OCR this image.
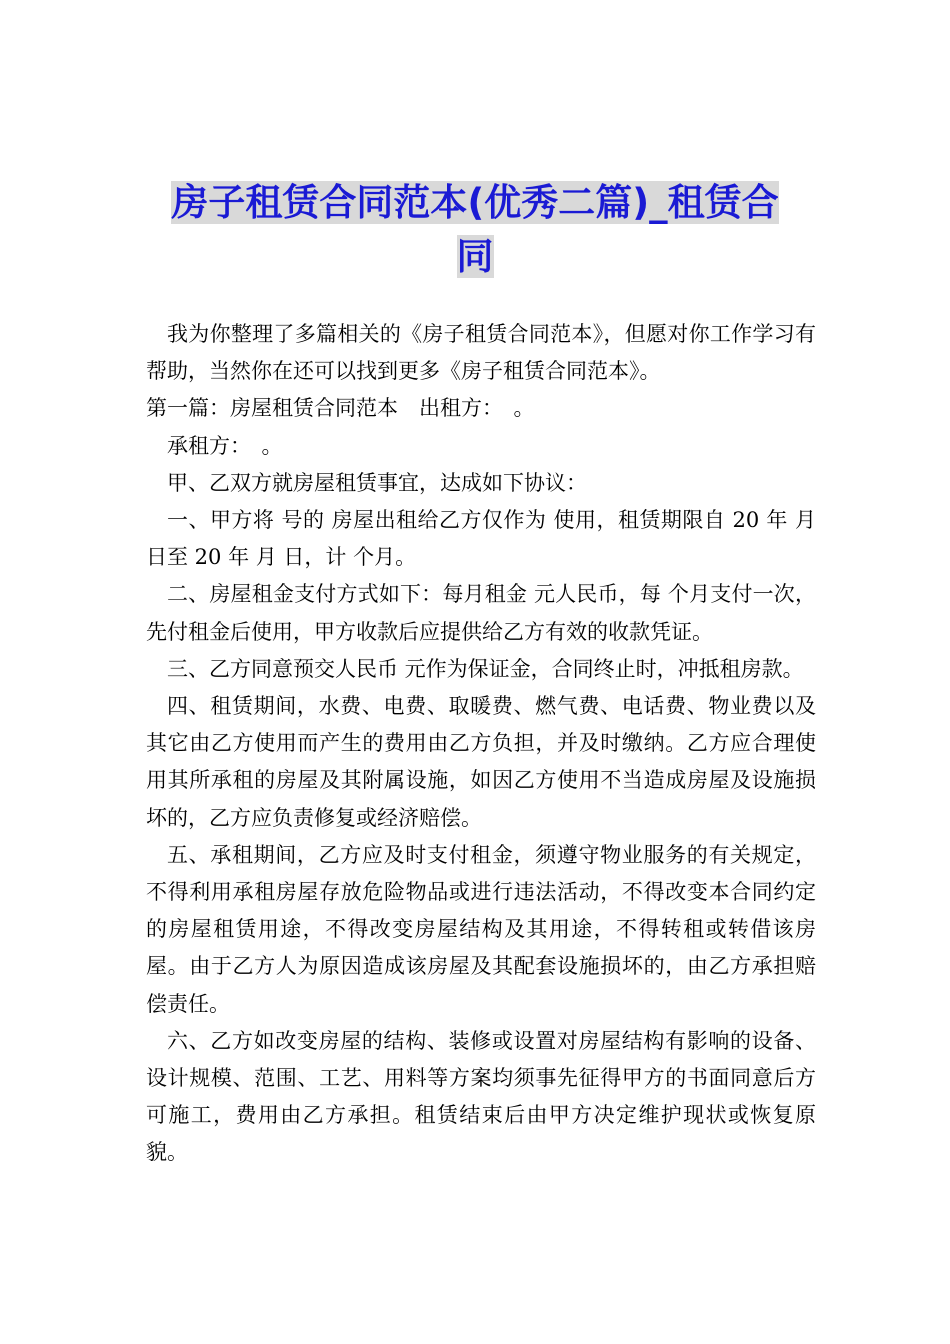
房子租赁合同范本(优秀二篇)_租赁合
同

我为你整理了多篇相关的《房子租赁合同范本》，但愿对你工作学习有帮助，当然你在还可以找到更多《房子租赁合同范本》。

第一篇：房屋租赁合同范本　出租方：　。

承租方：　。

甲、乙双方就房屋租赁事宜，达成如下协议：

一、甲方将 号的 房屋出租给乙方仅作为 使用，租赁期限自 20 年 月 日至 20 年 月 日，计 个月。

二、房屋租金支付方式如下：每月租金 元人民币，每 个月支付一次，先付租金后使用，甲方收款后应提供给乙方有效的收款凭证。

三、乙方同意预交人民币 元作为保证金，合同终止时，冲抵租房款。

四、租赁期间，水费、电费、取暖费、燃气费、电话费、物业费以及其它由乙方使用而产生的费用由乙方负担，并及时缴纳。乙方应合理使用其所承租的房屋及其附属设施，如因乙方使用不当造成房屋及设施损坏的，乙方应负责修复或经济赔偿。

五、承租期间，乙方应及时支付租金，须遵守物业服务的有关规定，不得利用承租房屋存放危险物品或进行违法活动，不得改变本合同约定的房屋租赁用途，不得改变房屋结构及其用途，不得转租或转借该房屋。由于乙方人为原因造成该房屋及其配套设施损坏的，由乙方承担赔偿责任。

六、乙方如改变房屋的结构、装修或设置对房屋结构有影响的设备、设计规模、范围、工艺、用料等方案均须事先征得甲方的书面同意后方可施工，费用由乙方承担。租赁结束后由甲方决定维护现状或恢复原貌。
